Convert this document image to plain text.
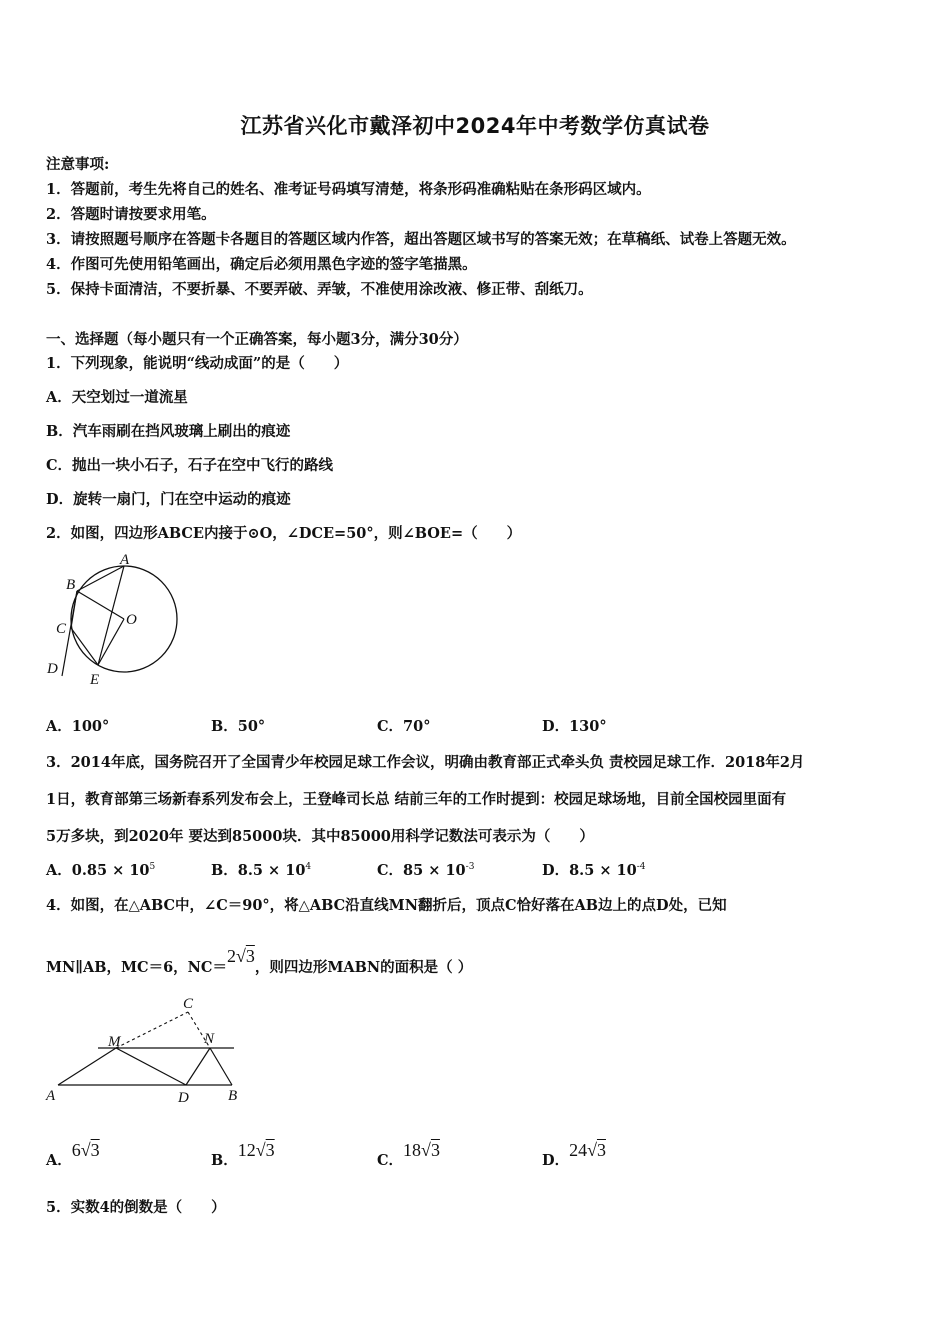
江苏省兴化市戴泽初中2024年中考数学仿真试卷
注意事项:
1．答题前，考生先将自己的姓名、准考证号码填写清楚，将条形码准确粘贴在条形码区域内。
2．答题时请按要求用笔。
3．请按照题号顺序在答题卡各题目的答题区域内作答，超出答题区域书写的答案无效；在草稿纸、试卷上答题无效。
4．作图可先使用铅笔画出，确定后必须用黑色字迹的签字笔描黑。
5．保持卡面清洁，不要折暴、不要弄破、弄皱，不准使用涂改液、修正带、刮纸刀。
一、选择题（每小题只有一个正确答案，每小题3分，满分30分）
1．下列现象，能说明“线动成面”的是（　　）
A．天空划过一道流星
B．汽车雨刷在挡风玻璃上刷出的痕迹
C．抛出一块小石子，石子在空中飞行的路线
D．旋转一扇门，门在空中运动的痕迹
2．如图，四边形ABCE内接于⊙O，∠DCE=50°，则∠BOE=（　　）
A
B
C
D
E
O
A．100°	B．50°	C．70°	D．130°
3．2014年底，国务院召开了全国青少年校园足球工作会议，明确由教育部正式牵头负 责校园足球工作．2018年2月
1日，教育部第三场新春系列发布会上，王登峰司长总 结前三年的工作时提到：校园足球场地，目前全国校园里面有
5万多块，到2020年 要达到85000块．其中85000用科学记数法可表示为（　　）
A．$0.85 \times 10^5$	B．$8.5 \times 10^4$	C．$85 \times 10^{-3}$	D．$8.5 \times 10^{-4}$
4．如图，在△ABC中，∠C＝90°，将△ABC沿直线MN翻折后，顶点C恰好落在AB边上的点D处，已知
MN∥AB，MC＝6，NC＝2√3，则四边形MABN的面积是（ ）
C
M	N
A	D	B
A．6√3
B．12√3
C．18√3
D．24√3
5．实数4的倒数是（　　）
